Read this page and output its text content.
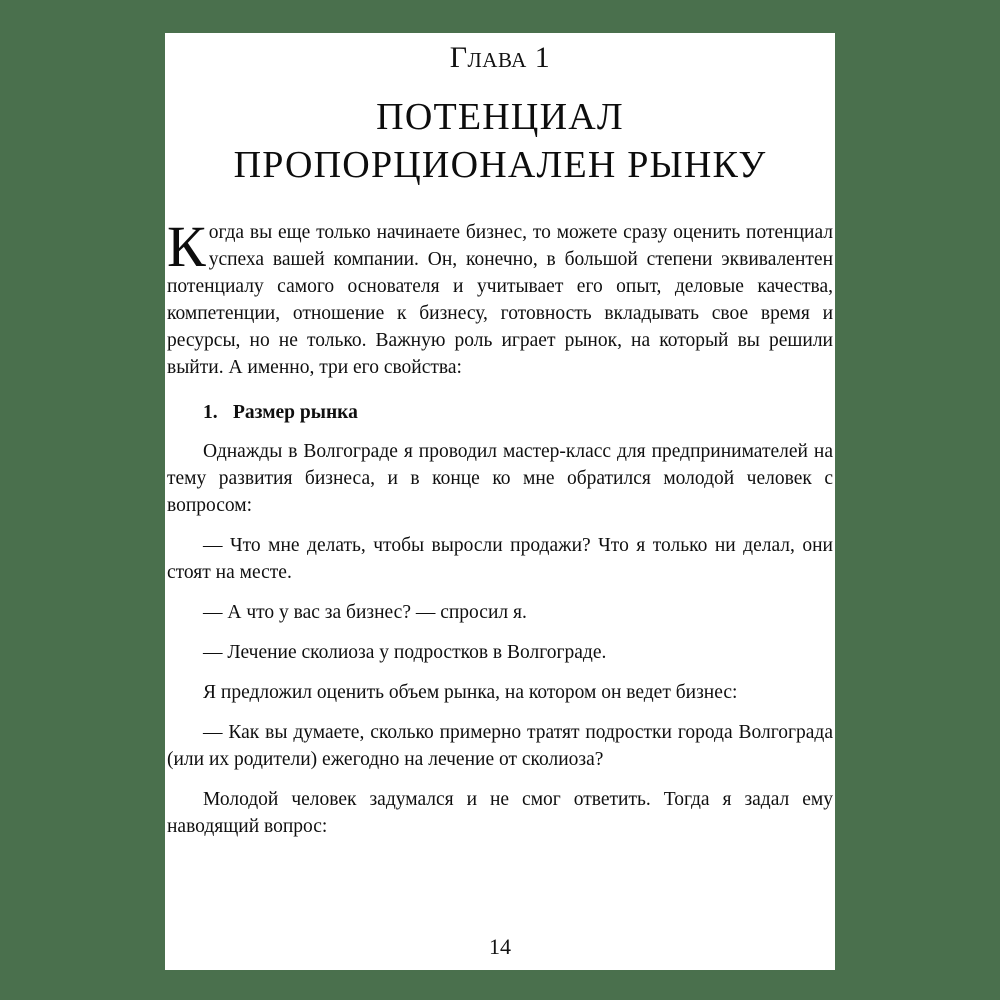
Глава 1
ПОТЕНЦИАЛ
ПРОПОРЦИОНАЛЕН РЫНКУ

Когда вы еще только начинаете бизнес, то можете сразу оценить потенциал успеха вашей компании. Он, конечно, в большой степени эквивалентен потенциалу самого основателя и учитывает его опыт, деловые качества, компетенции, отношение к бизнесу, готовность вкладывать свое время и ресурсы, но не только. Важную роль играет рынок, на который вы решили выйти. А именно, три его свойства:

1. Размер рынка

Однажды в Волгограде я проводил мастер-класс для предпринимателей на тему развития бизнеса, и в конце ко мне обратился молодой человек с вопросом:

— Что мне делать, чтобы выросли продажи? Что я только ни делал, они стоят на месте.

— А что у вас за бизнес? — спросил я.

— Лечение сколиоза у подростков в Волгограде.

Я предложил оценить объем рынка, на котором он ведет бизнес:

— Как вы думаете, сколько примерно тратят подростки города Волгограда (или их родители) ежегодно на лечение от сколиоза?

Молодой человек задумался и не смог ответить. Тогда я задал ему наводящий вопрос:

14
